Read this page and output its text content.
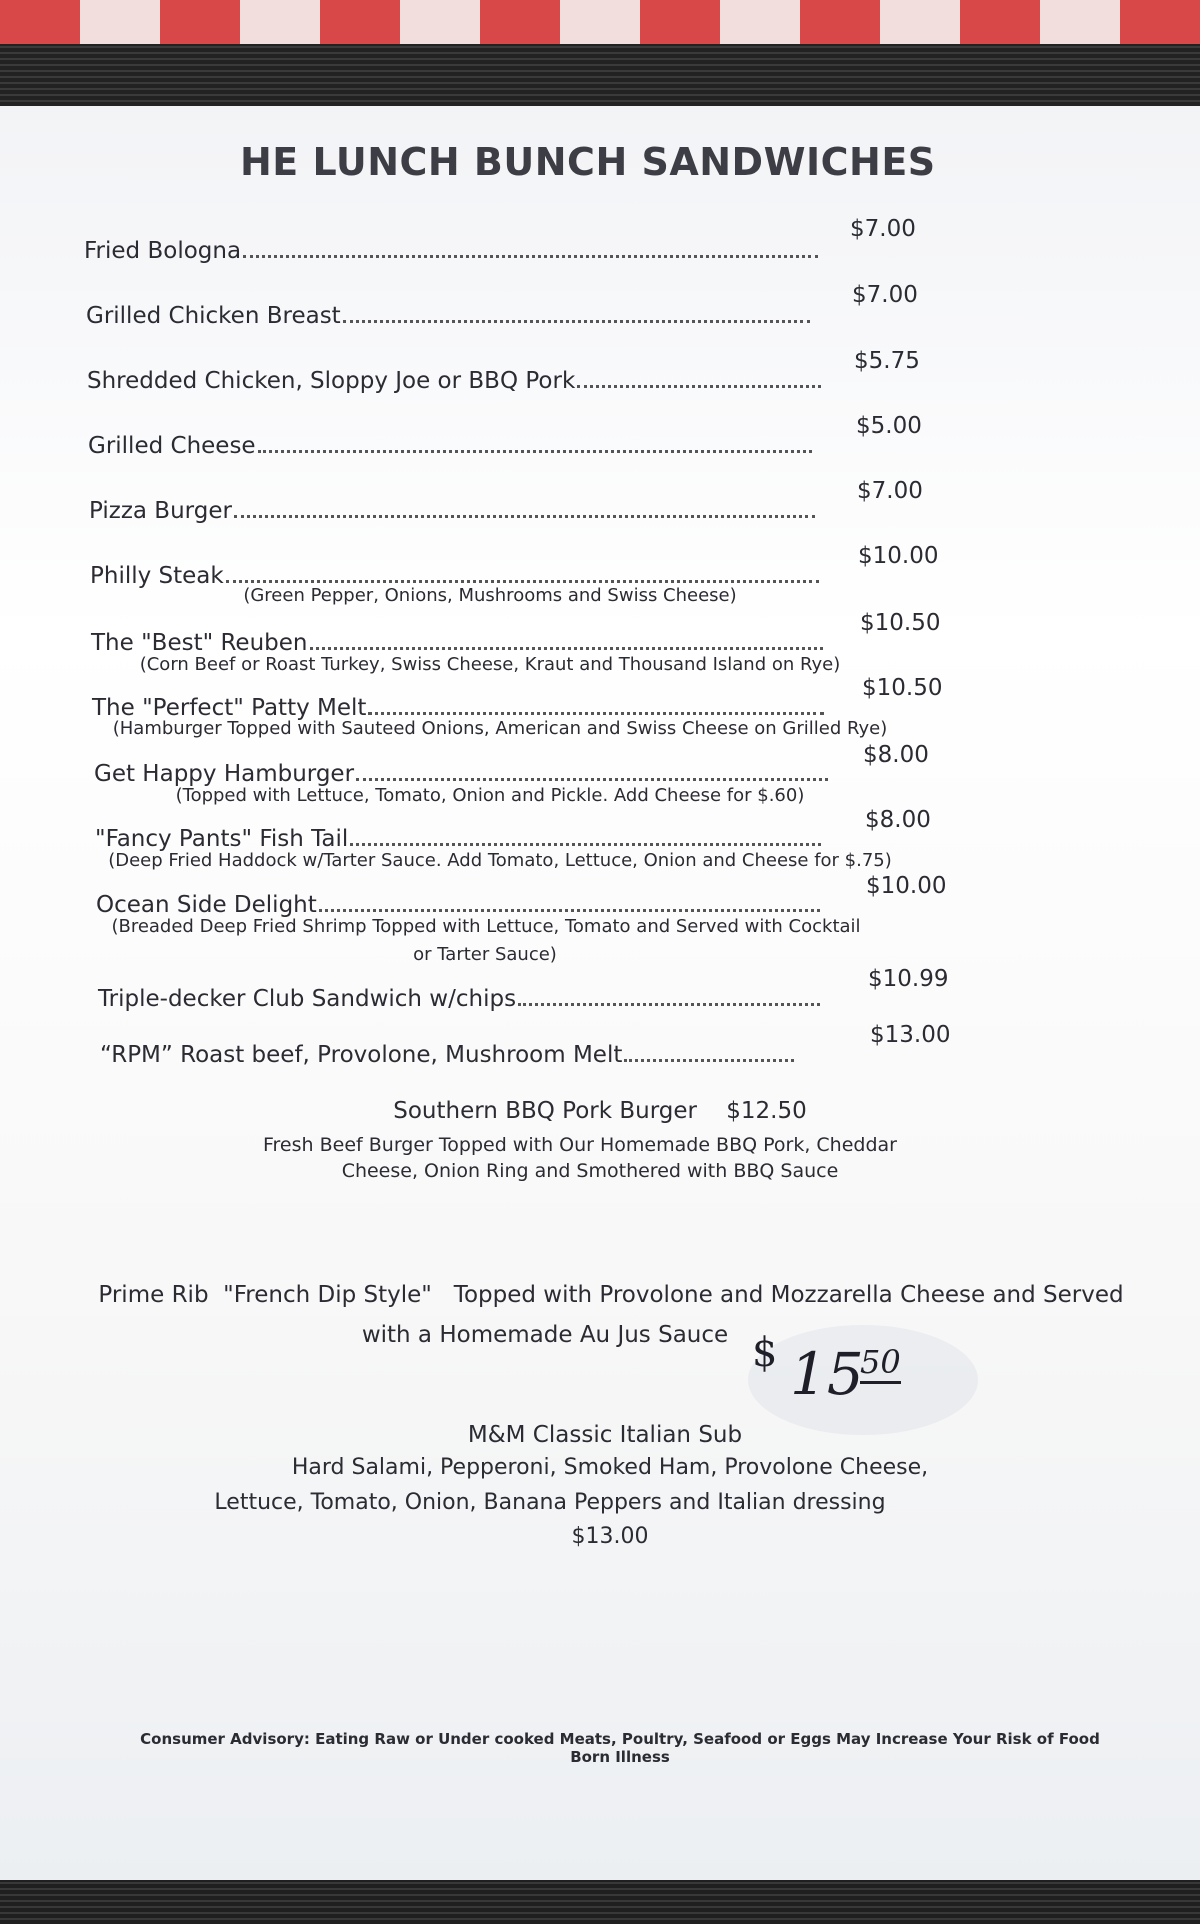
HE LUNCH BUNCH SANDWICHES
Fried Bologna
$7.00
Grilled Chicken Breast
$7.00
Shredded Chicken, Sloppy Joe or BBQ Pork
$5.75
Grilled Cheese
$5.00
Pizza Burger
$7.00
Philly Steak
$10.00
(Green Pepper, Onions, Mushrooms and Swiss Cheese)
The "Best" Reuben
$10.50
(Corn Beef or Roast Turkey, Swiss Cheese, Kraut and Thousand Island on Rye)
The "Perfect" Patty Melt
$10.50
(Hamburger Topped with Sauteed Onions, American and Swiss Cheese on Grilled Rye)
Get Happy Hamburger
$8.00
(Topped with Lettuce, Tomato, Onion and Pickle. Add Cheese for $.60)
"Fancy Pants" Fish Tail
$8.00
(Deep Fried Haddock w/Tarter Sauce. Add Tomato, Lettuce, Onion and Cheese for $.75)
Ocean Side Delight
$10.00
(Breaded Deep Fried Shrimp Topped with Lettuce, Tomato and Served with Cocktail
or Tarter Sauce)
Triple-decker Club Sandwich w/chips
$10.99
“RPM” Roast beef, Provolone, Mushroom Melt
$13.00
Southern BBQ Pork Burger $12.50
Fresh Beef Burger Topped with Our Homemade BBQ Pork, Cheddar
Cheese, Onion Ring and Smothered with BBQ Sauce
Prime Rib  "French Dip Style"   Topped with Provolone and Mozzarella Cheese and Served
with a Homemade Au Jus Sauce $ 15
50
M&M Classic Italian Sub
Hard Salami, Pepperoni, Smoked Ham, Provolone Cheese,
Lettuce, Tomato, Onion, Banana Peppers and Italian dressing
$13.00
Consumer Advisory: Eating Raw or Under cooked Meats, Poultry, Seafood or Eggs May Increase Your Risk of Food Born Illness
